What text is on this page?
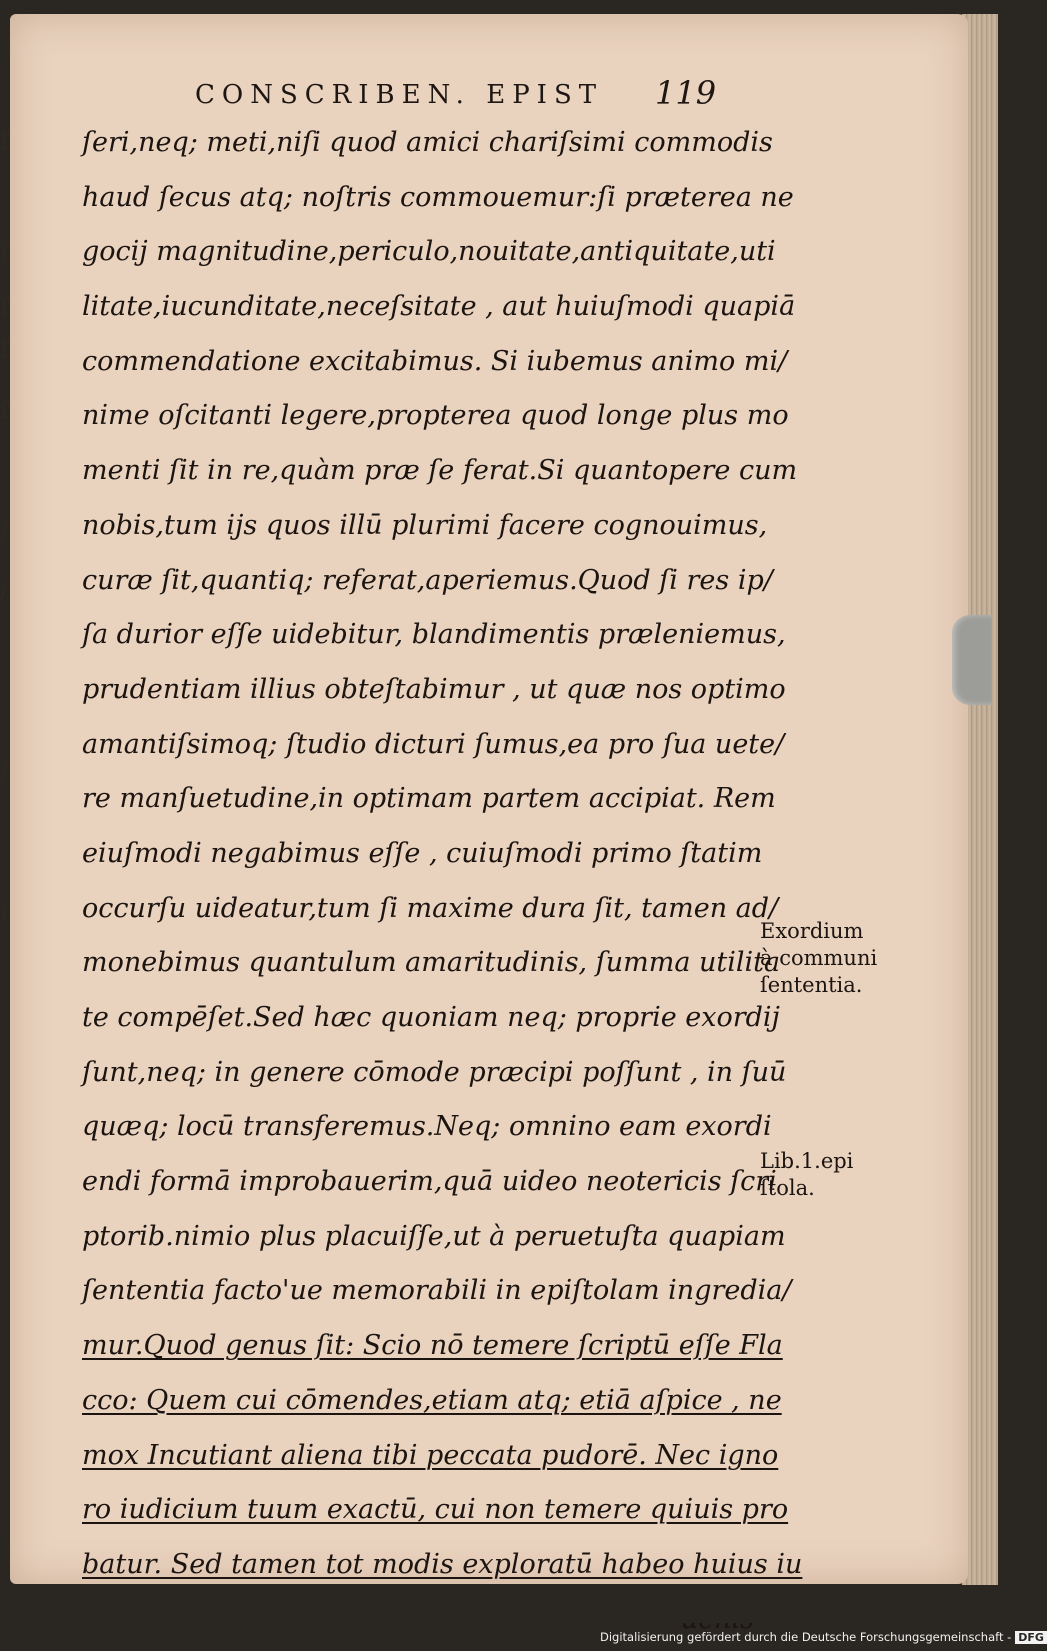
ſ
ſ
ſ
ſ
ſ
/
/
/
i
CONSCRIBEN. EPIST 119
ſeri,neq; meti,niſi quod amici chariſsimi commodis
haud ſecus atq; noſtris commouemur:ſi præterea ne
gocij magnitudine,periculo,nouitate,antiquitate,uti
litate,iucunditate,neceſsitate , aut huiuſmodi quapiā
commendatione excitabimus. Si iubemus animo mi/
nime oſcitanti legere,propterea quod longe plus mo
menti ſit in re,quàm præ ſe ferat.Si quantopere cum
nobis,tum ijs quos illū plurimi facere cognouimus,
curæ ſit,quantiq; referat,aperiemus.Quod ſi res ip/
ſa durior eſſe uidebitur, blandimentis præleniemus,
prudentiam illius obteſtabimur , ut quæ nos optimo
amantiſsimoq; ſtudio dicturi ſumus,ea pro ſua uete/
re manſuetudine,in optimam partem accipiat. Rem
eiuſmodi negabimus eſſe , cuiuſmodi primo ſtatim
occurſu uideatur,tum ſi maxime dura ſit, tamen ad/
monebimus quantulum amaritudinis, ſumma utilita
te compēſet.Sed hæc quoniam neq; proprie exordij
ſunt,neq; in genere cōmode præcipi poſſunt , in ſuū
quæq; locū transferemus.Neq; omnino eam exordi
endi formā improbauerim,quā uideo neotericis ſcri
ptorib.nimio plus placuiſſe,ut à peruetuſta quapiam
ſententia facto'ue memorabili in epiſtolam ingredia/
mur.Quod genus ſit: Scio nō temere ſcriptū eſſe Fla
cco: Quem cui cōmendes,etiam atq; etiā aſpice , ne
mox Incutiant aliena tibi peccata pudorē. Nec igno
ro iudicium tuum exactū, cui non temere quiuis pro
batur. Sed tamen tot modis exploratū habeo huius iu
Exordium
à communi
ſententia.
Lib.1.epi
ſtola.
Digitalisierung gefördert durch die Deutsche Forschungsgemeinschaft - DFG
